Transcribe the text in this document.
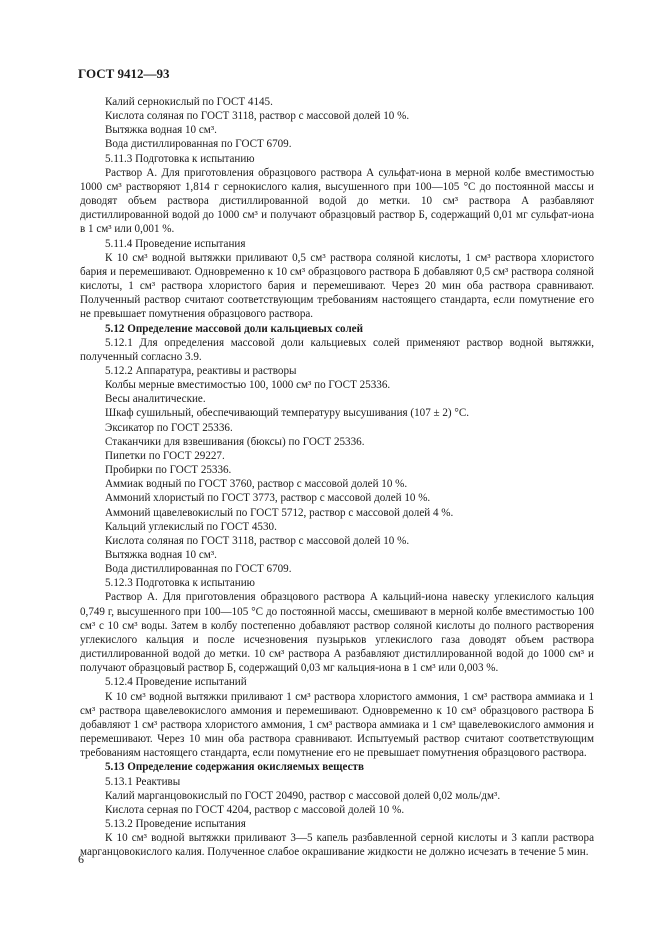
ГОСТ 9412—93

Калий сернокислый по ГОСТ 4145.

Кислота соляная по ГОСТ 3118, раствор с массовой долей 10 %.

Вытяжка водная 10 см³.

Вода дистиллированная по ГОСТ 6709.

5.11.3 Подготовка к испытанию

Раствор А. Для приготовления образцового раствора А сульфат-иона в мерной колбе вместимостью 1000 см³ растворяют 1,814 г сернокислого калия, высушенного при 100—105 °С до постоянной массы и доводят объем раствора дистиллированной водой до метки. 10 см³ раствора А разбавляют дистиллированной водой до 1000 см³ и получают образцовый раствор Б, содержащий 0,01 мг сульфат-иона в 1 см³ или 0,001 %.

5.11.4 Проведение испытания

К 10 см³ водной вытяжки приливают 0,5 см³ раствора соляной кислоты, 1 см³ раствора хлористого бария и перемешивают. Одновременно к 10 см³ образцового раствора Б добавляют 0,5 см³ раствора соляной кислоты, 1 см³ раствора хлористого бария и перемешивают. Через 20 мин оба раствора сравнивают. Полученный раствор считают соответствующим требованиям настоящего стандарта, если помутнение его не превышает помутнения образцового раствора.

5.12 Определение массовой доли кальциевых солей

5.12.1 Для определения массовой доли кальциевых солей применяют раствор водной вытяжки, полученный согласно 3.9.

5.12.2 Аппаратура, реактивы и растворы

Колбы мерные вместимостью 100, 1000 см³ по ГОСТ 25336.

Весы аналитические.

Шкаф сушильный, обеспечивающий температуру высушивания (107 ± 2) °С.

Эксикатор по ГОСТ 25336.

Стаканчики для взвешивания (бюксы) по ГОСТ 25336.

Пипетки по ГОСТ 29227.

Пробирки по ГОСТ 25336.

Аммиак водный по ГОСТ 3760, раствор с массовой долей 10 %.

Аммоний хлористый по ГОСТ 3773, раствор с массовой долей 10 %.

Аммоний щавелевокислый по ГОСТ 5712, раствор с массовой долей 4 %.

Кальций углекислый по ГОСТ 4530.

Кислота соляная по ГОСТ 3118, раствор с массовой долей 10 %.

Вытяжка водная 10 см³.

Вода дистиллированная по ГОСТ 6709.

5.12.3 Подготовка к испытанию

Раствор А. Для приготовления образцового раствора А кальций-иона навеску углекислого кальция 0,749 г, высушенного при 100—105 °С до постоянной массы, смешивают в мерной колбе вместимостью 100 см³ с 10 см³ воды. Затем в колбу постепенно добавляют раствор соляной кислоты до полного растворения углекислого кальция и после исчезновения пузырьков углекислого газа доводят объем раствора дистиллированной водой до метки. 10 см³ раствора А разбавляют дистиллированной водой до 1000 см³ и получают образцовый раствор Б, содержащий 0,03 мг кальция-иона в 1 см³ или 0,003 %.

5.12.4 Проведение испытаний

К 10 см³ водной вытяжки приливают 1 см³ раствора хлористого аммония, 1 см³ раствора аммиака и 1 см³ раствора щавелевокислого аммония и перемешивают. Одновременно к 10 см³ образцового раствора Б добавляют 1 см³ раствора хлористого аммония, 1 см³ раствора аммиака и 1 см³ щавелевокислого аммония и перемешивают. Через 10 мин оба раствора сравнивают. Испытуемый раствор считают соответствующим требованиям настоящего стандарта, если помутнение его не превышает помутнения образцового раствора.

5.13 Определение содержания окисляемых веществ

5.13.1 Реактивы

Калий марганцовокислый по ГОСТ 20490, раствор с массовой долей 0,02 моль/дм³.

Кислота серная по ГОСТ 4204, раствор с массовой долей 10 %.

5.13.2 Проведение испытания

К 10 см³ водной вытяжки приливают 3—5 капель разбавленной серной кислоты и 3 капли раствора марганцовокислого калия. Полученное слабое окрашивание жидкости не должно исчезать в течение 5 мин.

6
